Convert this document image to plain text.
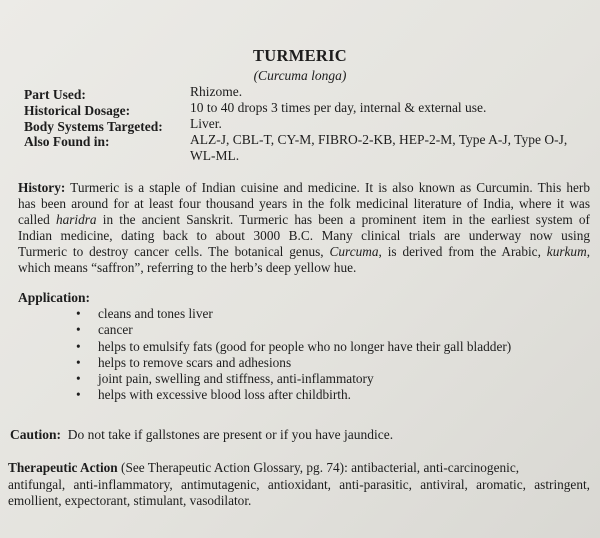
TURMERIC
(Curcuma longa)
Part Used:	Rhizome.
Historical Dosage:	10 to 40 drops 3 times per day, internal & external use.
Body Systems Targeted: Liver.
Also Found in:	ALZ-J, CBL-T, CY-M, FIBRO-2-KB, HEP-2-M, Type A-J, Type O-J,
WL-ML.
History: Turmeric is a staple of Indian cuisine and medicine. It is also known as Curcumin. This herb
has been around for at least four thousand years in the folk medicinal literature of India, where it was
called haridra in the ancient Sanskrit. Turmeric has been a prominent item in the earliest system of
Indian medicine, dating back to about 3000 B.C. Many clinical trials are underway now using
Turmeric to destroy cancer cells. The botanical genus, Curcuma, is derived from the Arabic, kurkum,
which means “saffron”, referring to the herb’s deep yellow hue.
Application:
• cleans and tones liver
• cancer
• helps to emulsify fats (good for people who no longer have their gall bladder)
• helps to remove scars and adhesions
• joint pain, swelling and stiffness, anti-inflammatory
• helps with excessive blood loss after childbirth.
Caution: Do not take if gallstones are present or if you have jaundice.
Therapeutic Action (See Therapeutic Action Glossary, pg. 74): antibacterial, anti-carcinogenic,
antifungal, anti-inflammatory, antimutagenic, antioxidant, anti-parasitic, antiviral, aromatic, astringent,
emollient, expectorant, stimulant, vasodilator.
